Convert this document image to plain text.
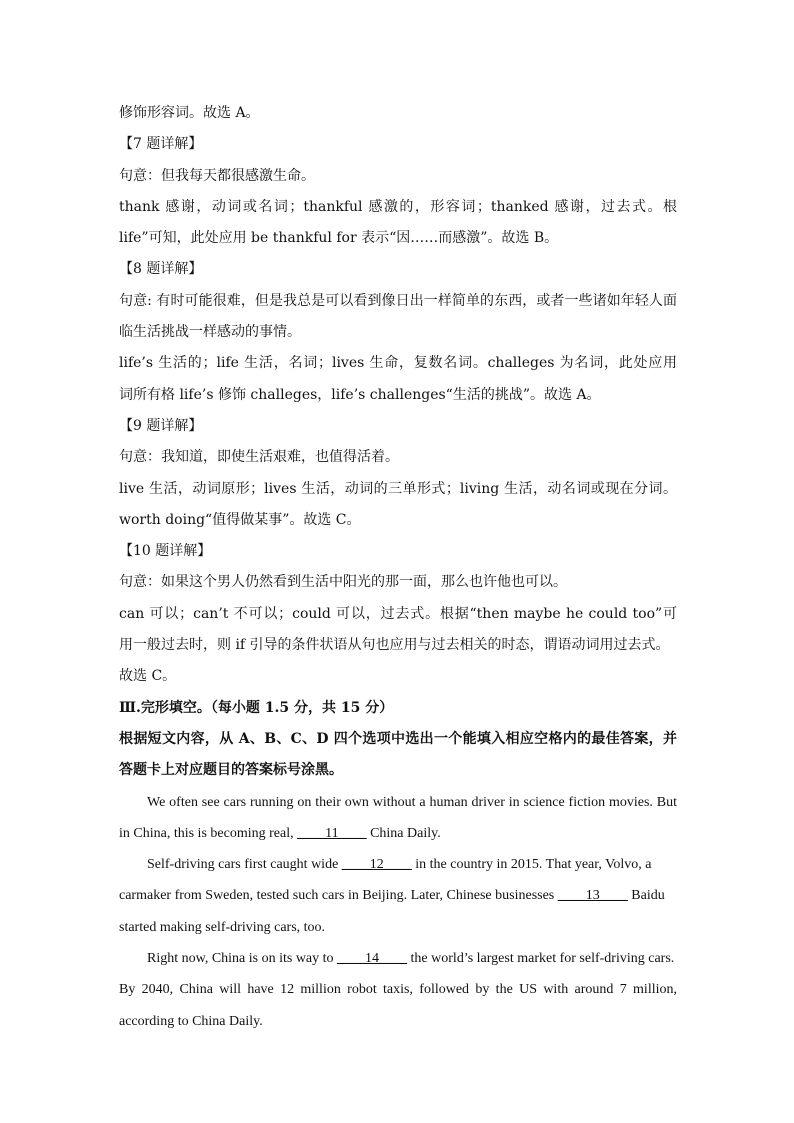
修饰形容词。故选 A。
【7 题详解】
句意：但我每天都很感激生命。
thank 感谢，动词或名词；thankful 感激的，形容词；thanked 感谢，过去式。根
life”可知，此处应用 be thankful for 表示“因……而感激”。故选 B。
【8 题详解】
句意: 有时可能很难，但是我总是可以看到像日出一样简单的东西，或者一些诸如年轻人面
临生活挑战一样感动的事情。
life’s 生活的；life 生活，名词；lives 生命，复数名词。challeges 为名词，此处应用
词所有格 life’s 修饰 challeges，life’s challenges“生活的挑战”。故选 A。
【9 题详解】
句意：我知道，即使生活艰难，也值得活着。
live 生活，动词原形；lives 生活，动词的三单形式；living 生活，动名词或现在分词。
worth doing“值得做某事”。故选 C。
【10 题详解】
句意：如果这个男人仍然看到生活中阳光的那一面，那么也许他也可以。
can 可以；can’t 不可以；could 可以，过去式。根据“then maybe he could too”可
用一般过去时，则 if 引导的条件状语从句也应用与过去相关的时态，谓语动词用过去式。
故选 C。
Ⅲ.完形填空。（每小题 1.5 分，共 15 分）
根据短文内容，从 A、B、C、D 四个选项中选出一个能填入相应空格内的最佳答案，并
答题卡上对应题目的答案标号涂黑。
We often see cars running on their own without a human driver in science fiction movies. But
in China, this is becoming real, ____11____ China Daily.
Self-driving cars first caught wide ____12____ in the country in 2015. That year, Volvo, a
carmaker from Sweden, tested such cars in Beijing. Later, Chinese businesses ____13____ Baidu
started making self-driving cars, too.
Right now, China is on its way to ____14____ the world’s largest market for self-driving cars.
By 2040, China will have 12 million robot taxis, followed by the US with around 7 million,
according to China Daily.
